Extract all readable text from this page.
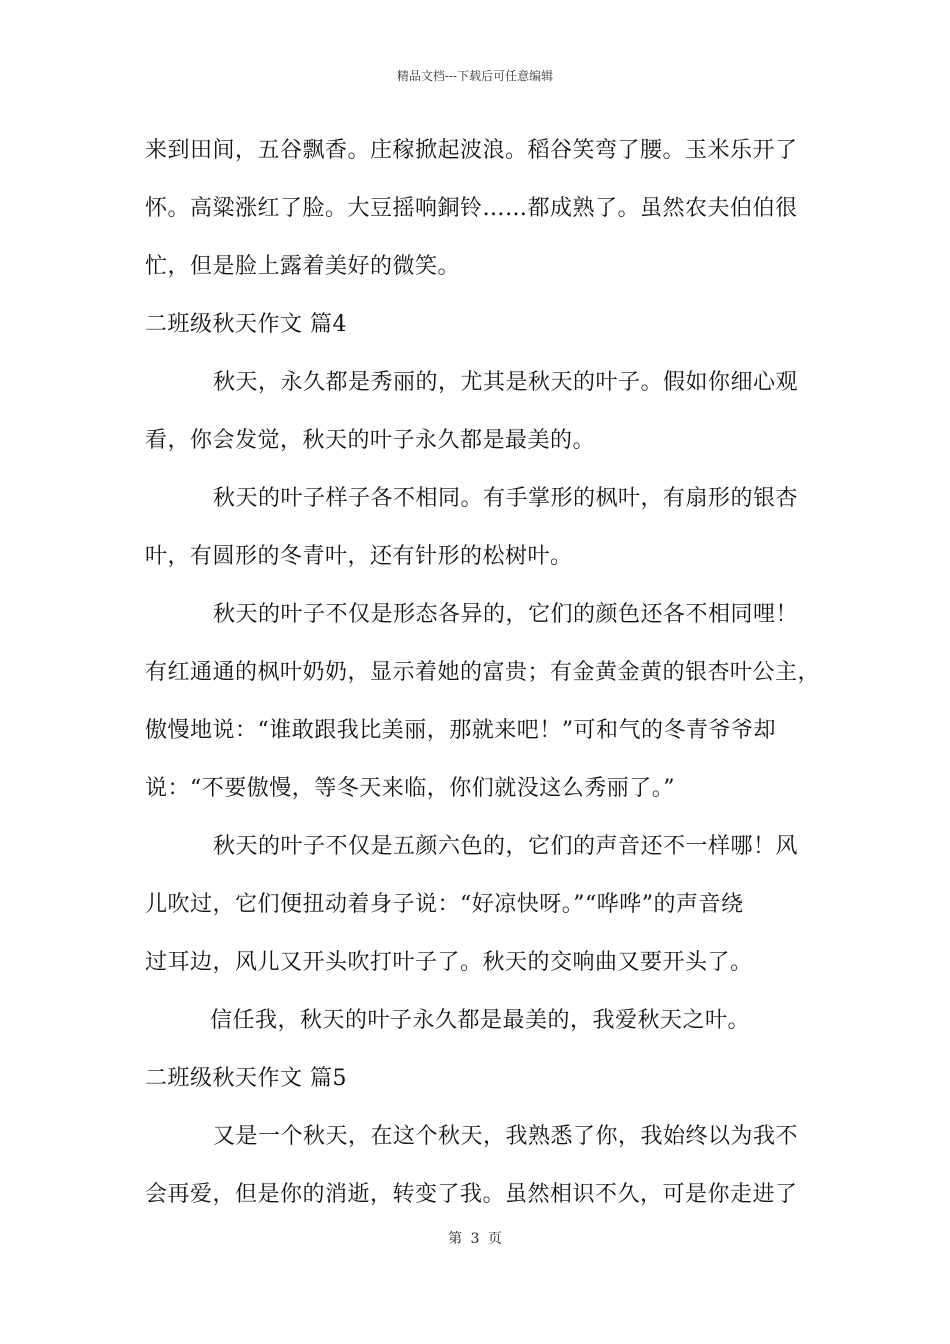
精品文档---下载后可任意编辑
来到田间，五谷飘香。庄稼掀起波浪。稻谷笑弯了腰。玉米乐开了
怀。高粱涨红了脸。大豆摇响銅铃……都成熟了。虽然农夫伯伯很
忙，但是脸上露着美好的微笑。
二班级秋天作文 篇4
秋天，永久都是秀丽的，尤其是秋天的叶子。假如你细心观
看，你会发觉，秋天的叶子永久都是最美的。
秋天的叶子样子各不相同。有手掌形的枫叶，有扇形的银杏
叶，有圆形的冬青叶，还有针形的松树叶。
秋天的叶子不仅是形态各异的，它们的颜色还各不相同哩！
有红通通的枫叶奶奶，显示着她的富贵；有金黄金黄的银杏叶公主，
傲慢地说：“谁敢跟我比美丽，那就来吧！”可和气的冬青爷爷却
说：“不要傲慢，等冬天来临，你们就没这么秀丽了。”
秋天的叶子不仅是五颜六色的，它们的声音还不一样哪！风
儿吹过，它们便扭动着身子说：“好凉快呀。”“哗哗”的声音绕
过耳边，风儿又开头吹打叶子了。秋天的交响曲又要开头了。
信任我，秋天的叶子永久都是最美的，我爱秋天之叶。
二班级秋天作文 篇5
又是一个秋天，在这个秋天，我熟悉了你，我始终以为我不
会再爱，但是你的消逝，转变了我。虽然相识不久，可是你走进了
第 3 页
